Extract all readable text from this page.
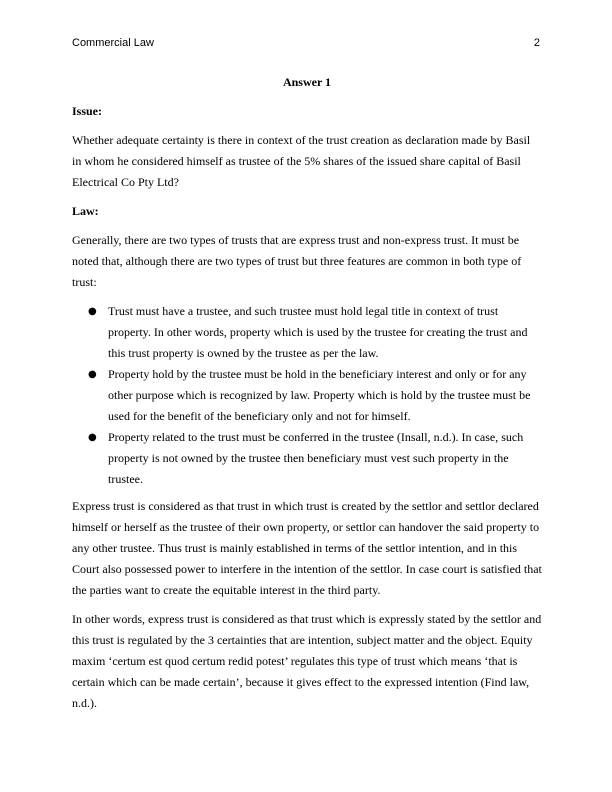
Commercial Law	2
Answer 1
Issue:

Whether adequate certainty is there in context of the trust creation as declaration made by Basil in whom he considered himself as trustee of the 5% shares of the issued share capital of Basil Electrical Co Pty Ltd?

Law:

Generally, there are two types of trusts that are express trust and non-express trust. It must be noted that, although there are two types of trust but three features are common in both type of trust:

● Trust must have a trustee, and such trustee must hold legal title in context of trust property. In other words, property which is used by the trustee for creating the trust and this trust property is owned by the trustee as per the law.
● Property hold by the trustee must be hold in the beneficiary interest and only or for any other purpose which is recognized by law. Property which is hold by the trustee must be used for the benefit of the beneficiary only and not for himself.
● Property related to the trust must be conferred in the trustee (Insall, n.d.). In case, such property is not owned by the trustee then beneficiary must vest such property in the trustee.

Express trust is considered as that trust in which trust is created by the settlor and settlor declared himself or herself as the trustee of their own property, or settlor can handover the said property to any other trustee. Thus trust is mainly established in terms of the settlor intention, and in this Court also possessed power to interfere in the intention of the settlor. In case court is satisfied that the parties want to create the equitable interest in the third party.

In other words, express trust is considered as that trust which is expressly stated by the settlor and this trust is regulated by the 3 certainties that are intention, subject matter and the object. Equity maxim ‘certum est quod certum redid potest’ regulates this type of trust which means ‘that is certain which can be made certain’, because it gives effect to the expressed intention (Find law, n.d.).
